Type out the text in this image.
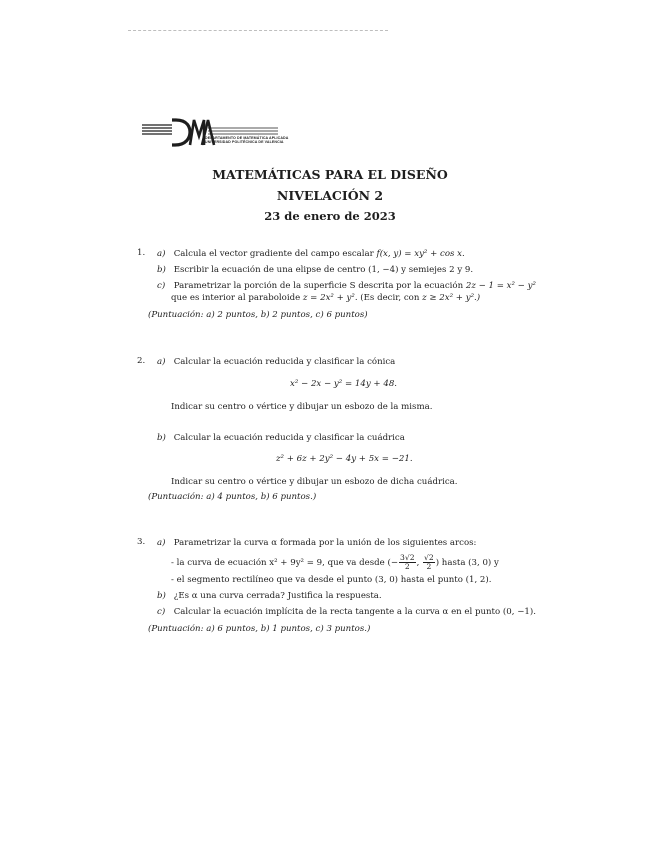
DEPARTAMENTO DE MATEMÁTICA APLICADA
UNIVERSIDAD POLITÉCNICA DE VALENCIA
MATEMÁTICAS PARA EL DISEÑO
NIVELACIÓN 2
23 de enero de 2023
1. a) Calcula el vector gradiente del campo escalar f(x, y) = xy² + cos x.
b) Escribir la ecuación de una elipse de centro (1, −4) y semiejes 2 y 9.
c) Parametrizar la porción de la superficie S descrita por la ecuación 2z − 1 = x² − y²
que es interior al paraboloide z = 2x² + y². (Es decir, con z ≥ 2x² + y².)
(Puntuación: a) 2 puntos, b) 2 puntos, c) 6 puntos)
2. a) Calcular la ecuación reducida y clasificar la cónica
x² − 2x − y² = 14y + 48.
Indicar su centro o vértice y dibujar un esbozo de la misma.
b) Calcular la ecuación reducida y clasificar la cuádrica
z² + 6z + 2y² − 4y + 5x = −21.
Indicar su centro o vértice y dibujar un esbozo de dicha cuádrica.
(Puntuación: a) 4 puntos, b) 6 puntos.)
3. a) Parametrizar la curva α formada por la unión de los siguientes arcos:
- la curva de ecuación x² + 9y² = 9, que va desde (− $\frac{3√2}{2}$ , $\frac{√2}{2}$ ) hasta (3, 0) y
- el segmento rectilíneo que va desde el punto (3, 0) hasta el punto (1, 2).
b) ¿Es α una curva cerrada? Justifica la respuesta.
c) Calcular la ecuación implícita de la recta tangente a la curva α en el punto (0, −1).
(Puntuación: a) 6 puntos, b) 1 puntos, c) 3 puntos.)
